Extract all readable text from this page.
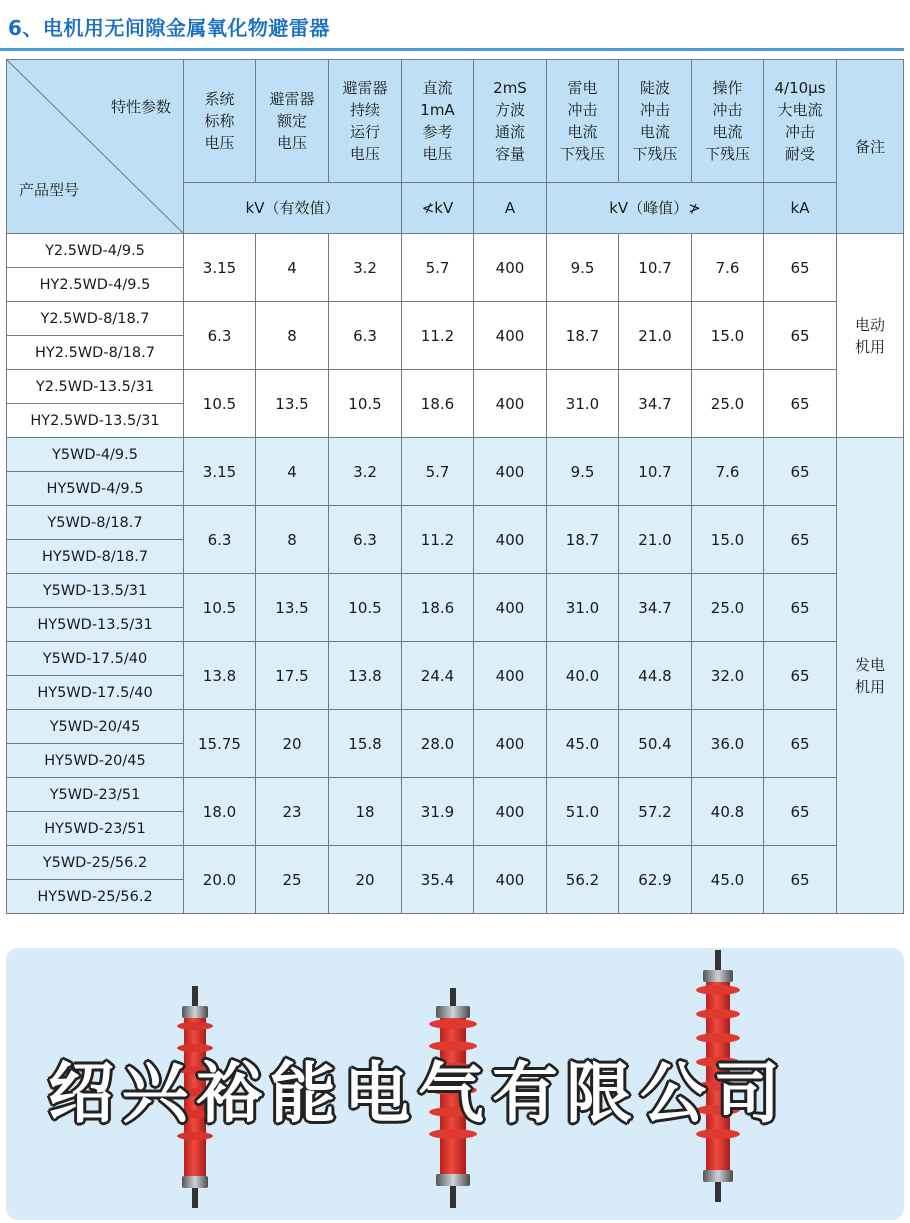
6、电机用无间隙金属氧化物避雷器
特性参数
产品型号	系统
标称
电压	避雷器
额定
电压	避雷器
持续
运行
电压	直流
1mA
参考
电压	2mS
方波
通流
容量	雷电
冲击
电流
下残压	陡波
冲击
电流
下残压	操作
冲击
电流
下残压	4/10μs
大电流
冲击
耐受	备注
	kV（有效值）			≮kV	A	kV（峰值）≯			kA	
Y2.5WD-4/9.5	3.15	4	3.2	5.7	400	9.5	10.7	7.6	65	电动
机用
HY2.5WD-4/9.5										
Y2.5WD-8/18.7	6.3	8	6.3	11.2	400	18.7	21.0	15.0	65	
HY2.5WD-8/18.7										
Y2.5WD-13.5/31	10.5	13.5	10.5	18.6	400	31.0	34.7	25.0	65	
HY2.5WD-13.5/31										
Y5WD-4/9.5	3.15	4	3.2	5.7	400	9.5	10.7	7.6	65	发电
机用
HY5WD-4/9.5										
Y5WD-8/18.7	6.3	8	6.3	11.2	400	18.7	21.0	15.0	65	
HY5WD-8/18.7										
Y5WD-13.5/31	10.5	13.5	10.5	18.6	400	31.0	34.7	25.0	65	
HY5WD-13.5/31										
Y5WD-17.5/40	13.8	17.5	13.8	24.4	400	40.0	44.8	32.0	65	
HY5WD-17.5/40										
Y5WD-20/45	15.75	20	15.8	28.0	400	45.0	50.4	36.0	65	
HY5WD-20/45										
Y5WD-23/51	18.0	23	18	31.9	400	51.0	57.2	40.8	65	
HY5WD-23/51										
Y5WD-25/56.2	20.0	25	20	35.4	400	56.2	62.9	45.0	65	
HY5WD-25/56.2										
绍兴裕能电气有限公司
